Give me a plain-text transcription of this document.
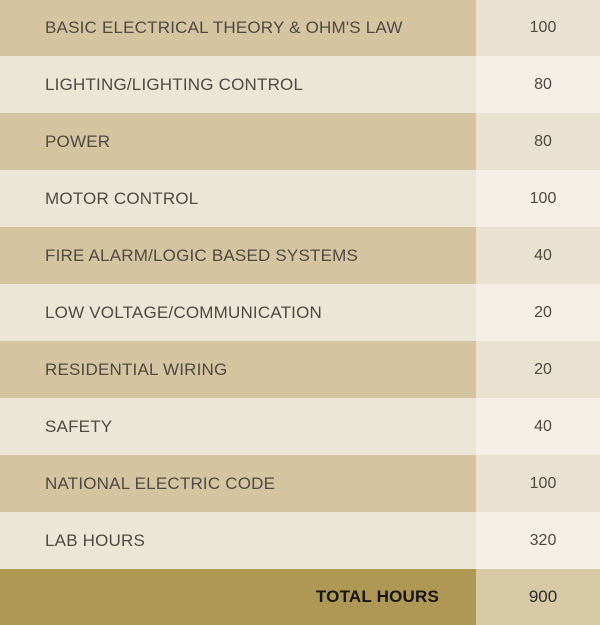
BASIC ELECTRICAL THEORY & OHM'S LAW	100
LIGHTING/LIGHTING CONTROL	80
POWER	80
MOTOR CONTROL	100
FIRE ALARM/LOGIC BASED SYSTEMS	40
LOW VOLTAGE/COMMUNICATION	20
RESIDENTIAL WIRING	20
SAFETY	40
NATIONAL ELECTRIC CODE	100
LAB HOURS	320
TOTAL HOURS	900
